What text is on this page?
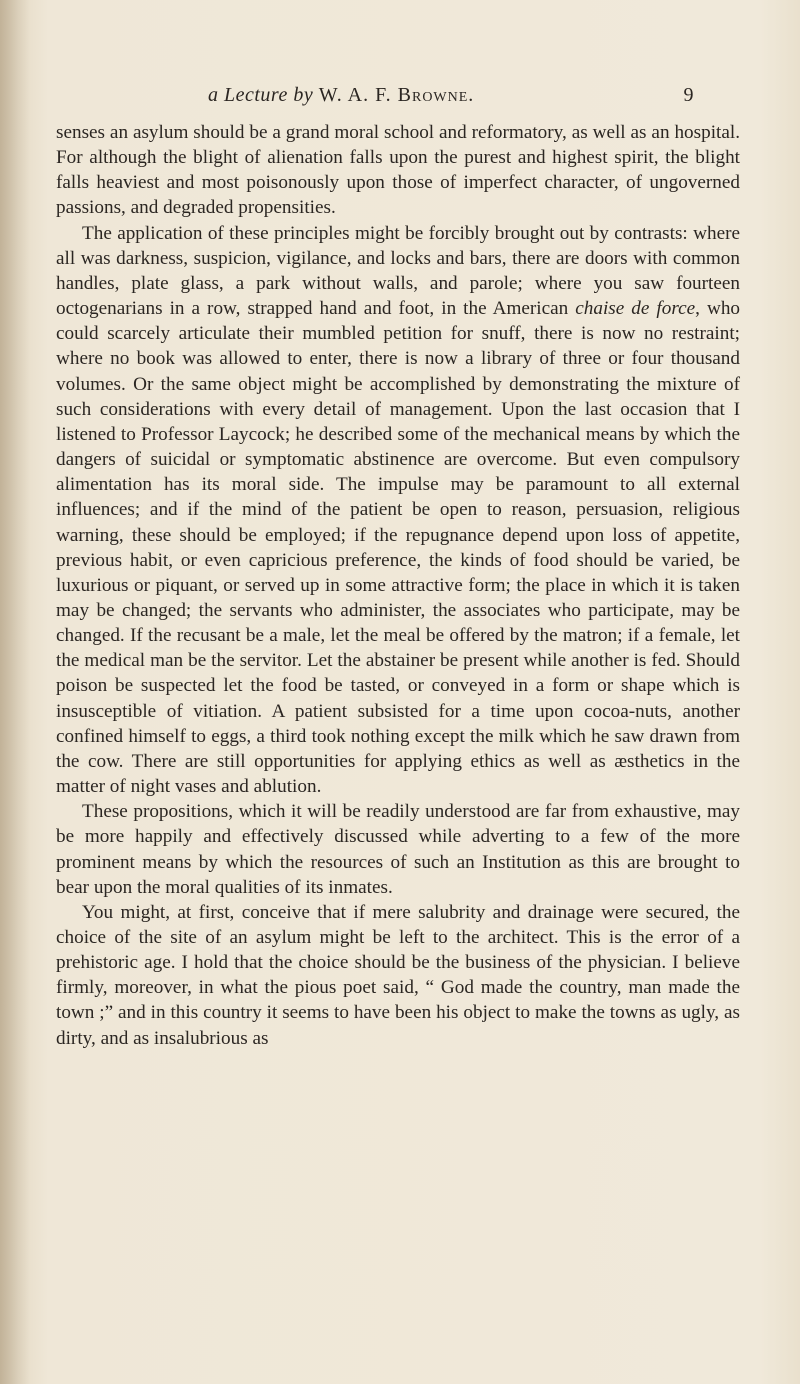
a Lecture by W. A. F. Browne.	9

senses an asylum should be a grand moral school and reformatory, as well as an hospital. For although the blight of alienation falls upon the purest and highest spirit, the blight falls heaviest and most poisonously upon those of imperfect character, of ungoverned passions, and degraded propensities.

The application of these principles might be forcibly brought out by contrasts: where all was darkness, suspicion, vigilance, and locks and bars, there are doors with common handles, plate glass, a park without walls, and parole; where you saw fourteen octogenarians in a row, strapped hand and foot, in the American chaise de force, who could scarcely articulate their mumbled petition for snuff, there is now no restraint; where no book was allowed to enter, there is now a library of three or four thousand volumes. Or the same object might be accomplished by demonstrating the mixture of such considerations with every detail of management. Upon the last occasion that I listened to Professor Laycock; he described some of the mechanical means by which the dangers of suicidal or symptomatic abstinence are overcome. But even compulsory alimentation has its moral side. The impulse may be paramount to all external influences; and if the mind of the patient be open to reason, persuasion, religious warning, these should be employed; if the repugnance depend upon loss of appetite, previous habit, or even capricious preference, the kinds of food should be varied, be luxurious or piquant, or served up in some attractive form; the place in which it is taken may be changed; the servants who administer, the associates who participate, may be changed. If the recusant be a male, let the meal be offered by the matron; if a female, let the medical man be the servitor. Let the abstainer be present while another is fed. Should poison be suspected let the food be tasted, or conveyed in a form or shape which is insusceptible of vitiation. A patient subsisted for a time upon cocoa-nuts, another confined himself to eggs, a third took nothing except the milk which he saw drawn from the cow. There are still opportunities for applying ethics as well as æsthetics in the matter of night vases and ablution.

These propositions, which it will be readily understood are far from exhaustive, may be more happily and effectively discussed while adverting to a few of the more prominent means by which the resources of such an Institution as this are brought to bear upon the moral qualities of its inmates.

You might, at first, conceive that if mere salubrity and drainage were secured, the choice of the site of an asylum might be left to the architect. This is the error of a prehistoric age. I hold that the choice should be the business of the physician. I believe firmly, moreover, in what the pious poet said, “ God made the country, man made the town ;” and in this country it seems to have been his object to make the towns as ugly, as dirty, and as insalubrious as
